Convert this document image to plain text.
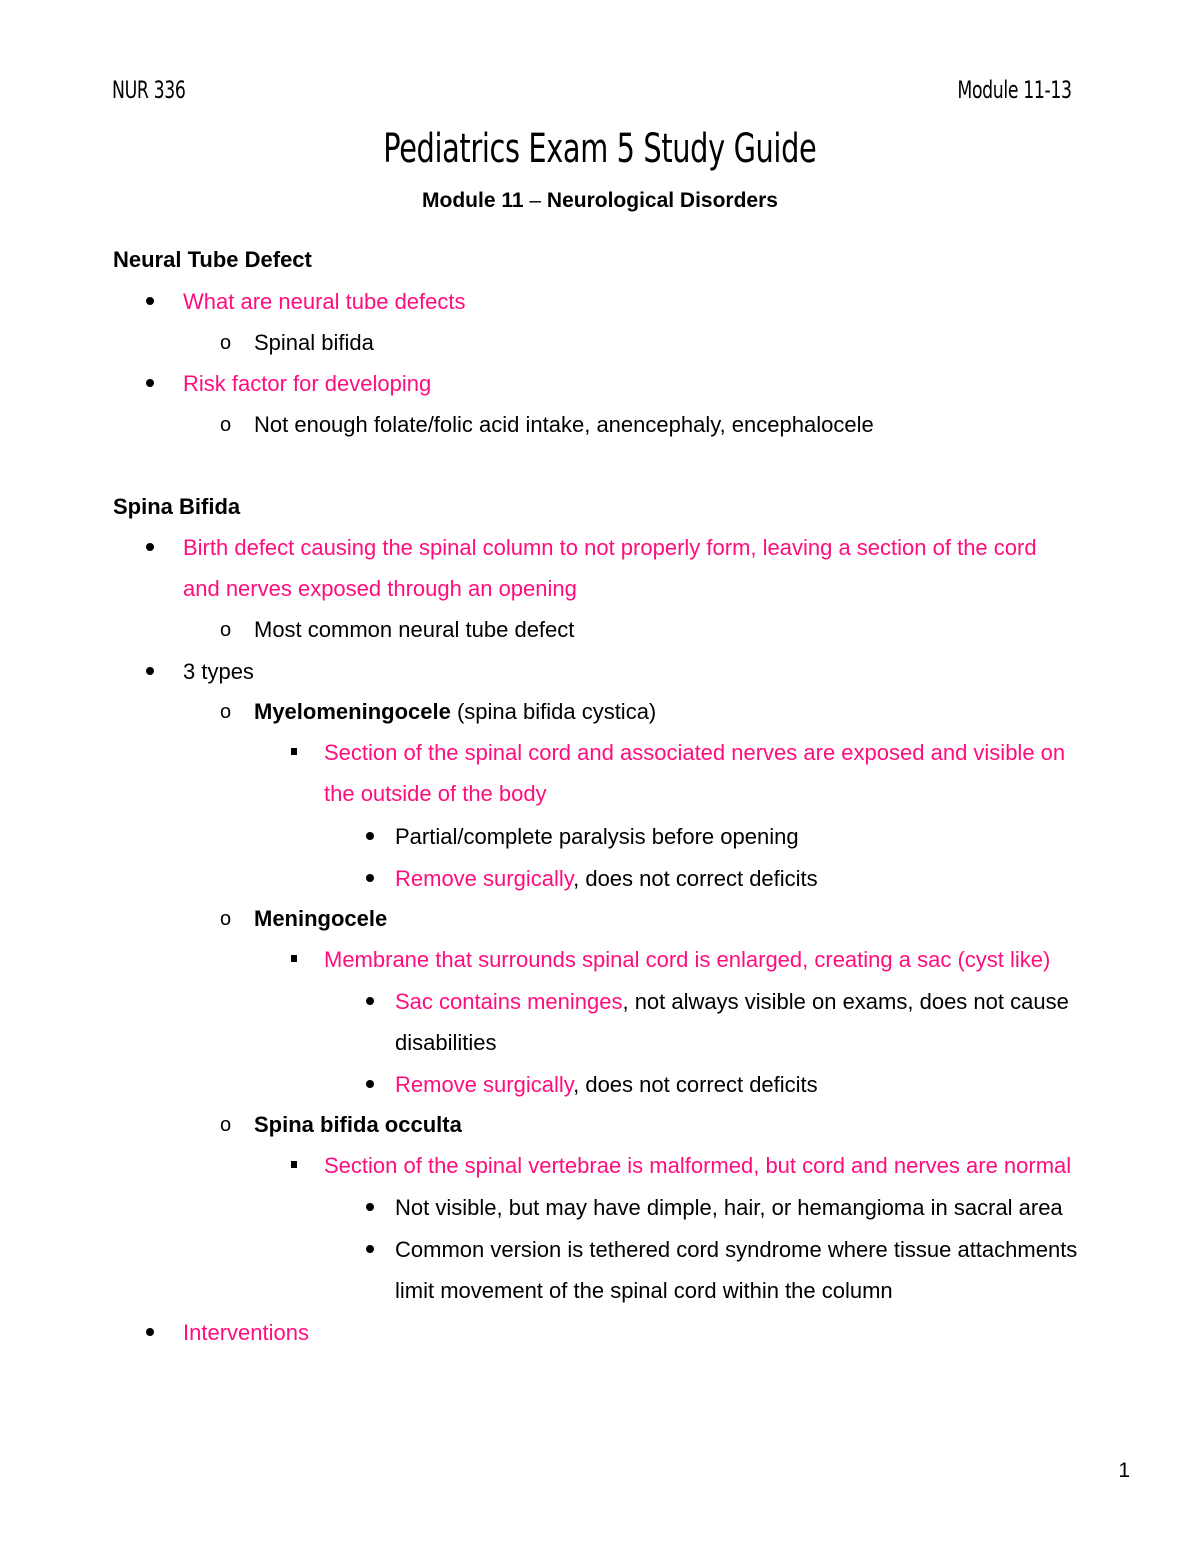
NUR 336	Module 11-13
Pediatrics Exam 5 Study Guide
Module 11 – Neurological Disorders
Neural Tube Defect
What are neural tube defects
o Spinal bifida
Risk factor for developing
o Not enough folate/folic acid intake, anencephaly, encephalocele
Spina Bifida
Birth defect causing the spinal column to not properly form, leaving a section of the cord
and nerves exposed through an opening
o Most common neural tube defect
3 types
o Myelomeningocele (spina bifida cystica)
Section of the spinal cord and associated nerves are exposed and visible on
the outside of the body
Partial/complete paralysis before opening
Remove surgically, does not correct deficits
o Meningocele
Membrane that surrounds spinal cord is enlarged, creating a sac (cyst like)
Sac contains meninges, not always visible on exams, does not cause
disabilities
Remove surgically, does not correct deficits
o Spina bifida occulta
Section of the spinal vertebrae is malformed, but cord and nerves are normal
Not visible, but may have dimple, hair, or hemangioma in sacral area
Common version is tethered cord syndrome where tissue attachments
limit movement of the spinal cord within the column
Interventions
1
